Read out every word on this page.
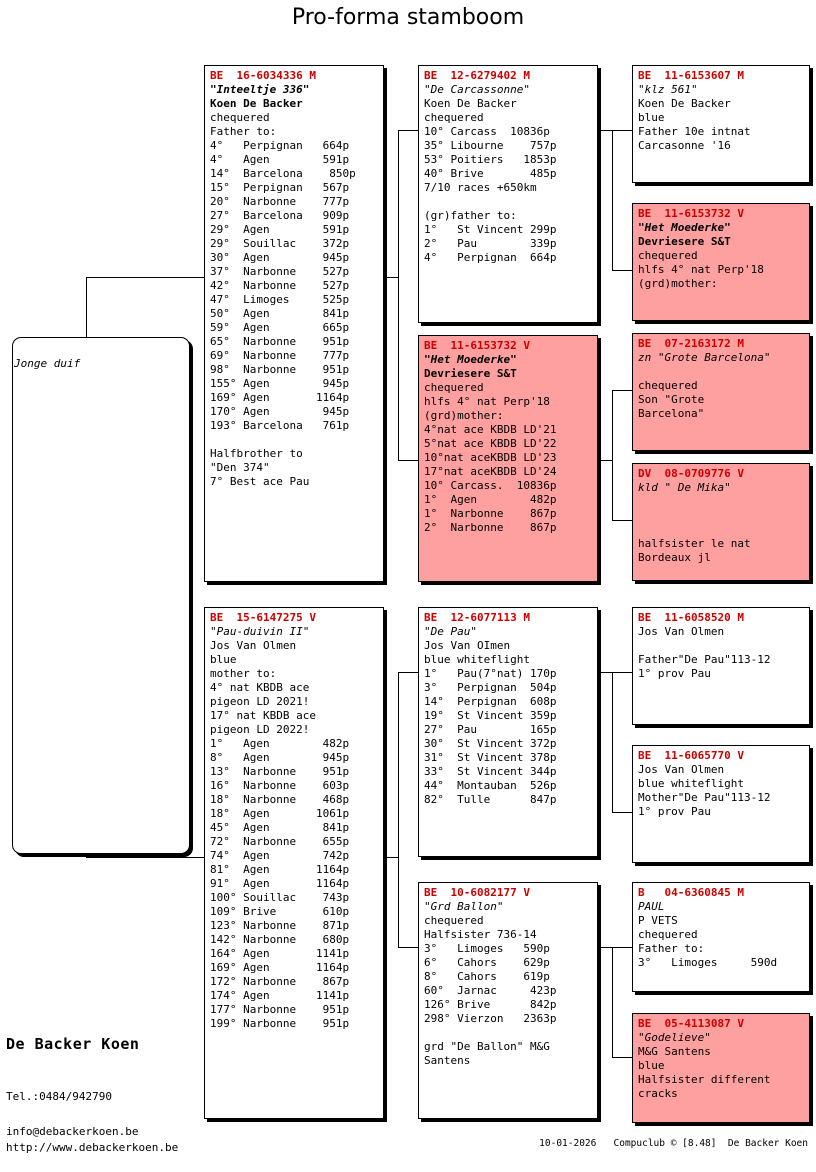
Pro-forma stamboom
Jonge duif
BE  16-6034336 M
"Inteeltje 336"
Koen De Backer
chequered
Father to:
4°   Perpignan   664p
4°   Agen        591p
14°  Barcelona    850p
15°  Perpignan   567p
20°  Narbonne    777p
27°  Barcelona   909p
29°  Agen        591p
29°  Souillac    372p
30°  Agen        945p
37°  Narbonne    527p
42°  Narbonne    527p
47°  Limoges     525p
50°  Agen        841p
59°  Agen        665p
65°  Narbonne    951p
69°  Narbonne    777p
98°  Narbonne    951p
155° Agen        945p
169° Agen       1164p
170° Agen        945p
193° Barcelona   761p

Halfbrother to
"Den 374"
7° Best ace Pau
BE  12-6279402 M
"De Carcassonne"
Koen De Backer
chequered
10° Carcass  10836p
35° Libourne    757p
53° Poitiers   1853p
40° Brive       485p
7/10 races +650km

(gr)father to:
1°   St Vincent 299p
2°   Pau        339p
4°   Perpignan  664p
BE  11-6153607 M
"klz 561"
Koen De Backer
blue
Father 10e intnat
Carcasonne '16
BE  11-6153732 V
"Het Moederke"
Devriesere S&T
chequered
hlfs 4° nat Perp'18
(grd)mother:
BE  11-6153732 V
"Het Moederke"
Devriesere S&T
chequered
hlfs 4° nat Perp'18
(grd)mother:
4°nat ace KBDB LD'21
5°nat ace KBDB LD'22
10°nat aceKBDB LD'23
17°nat aceKBDB LD'24
10° Carcass.  10836p
1°  Agen        482p
1°  Narbonne    867p
2°  Narbonne    867p
BE  07-2163172 M
zn "Grote Barcelona"

chequered
Son "Grote
Barcelona"
DV  08-0709776 V
kld " De Mika"

halfsister le nat
Bordeaux jl
BE  15-6147275 V
"Pau-duivin II"
Jos Van Olmen
blue
mother to:
4° nat KBDB ace
pigeon LD 2021!
17° nat KBDB ace
pigeon LD 2022!
1°   Agen        482p
8°   Agen        945p
13°  Narbonne    951p
16°  Narbonne    603p
18°  Narbonne    468p
18°  Agen       1061p
45°  Agen        841p
72°  Narbonne    655p
74°  Agen        742p
81°  Agen       1164p
91°  Agen       1164p
100° Souillac    743p
109° Brive       610p
123° Narbonne    871p
142° Narbonne    680p
164° Agen       1141p
169° Agen       1164p
172° Narbonne    867p
174° Agen       1141p
177° Narbonne    951p
199° Narbonne    951p
BE  12-6077113 M
"De Pau"
Jos Van OImen
blue whiteflight
1°   Pau(7°nat) 170p
3°   Perpignan  504p
14°  Perpignan  608p
19°  St Vincent 359p
27°  Pau        165p
30°  St Vincent 372p
31°  St Vincent 378p
33°  St Vincent 344p
44°  Montauban  526p
82°  Tulle      847p
BE  11-6058520 M
Jos Van Olmen

Father"De Pau"113-12
1° prov Pau
BE  11-6065770 V
Jos Van Olmen
blue whiteflight
Mother"De Pau"113-12
1° prov Pau
BE  10-6082177 V
"Grd Ballon"
chequered
Halfsister 736-14
3°   Limoges   590p
6°   Cahors    629p
8°   Cahors    619p
60°  Jarnac     423p
126° Brive      842p
298° Vierzon   2363p

grd "De Ballon" M&G
Santens
B   04-6360845 M
PAUL
P VETS
chequered
Father to:
3°   Limoges     590d
BE  05-4113087 V
"Godelieve"
M&G Santens
blue
Halfsister different
cracks
De Backer Koen
Tel.:0484/942790
info@debackerkoen.be
http://www.debackerkoen.be	10-01-2026   Compuclub © [8.48]  De Backer Koen
